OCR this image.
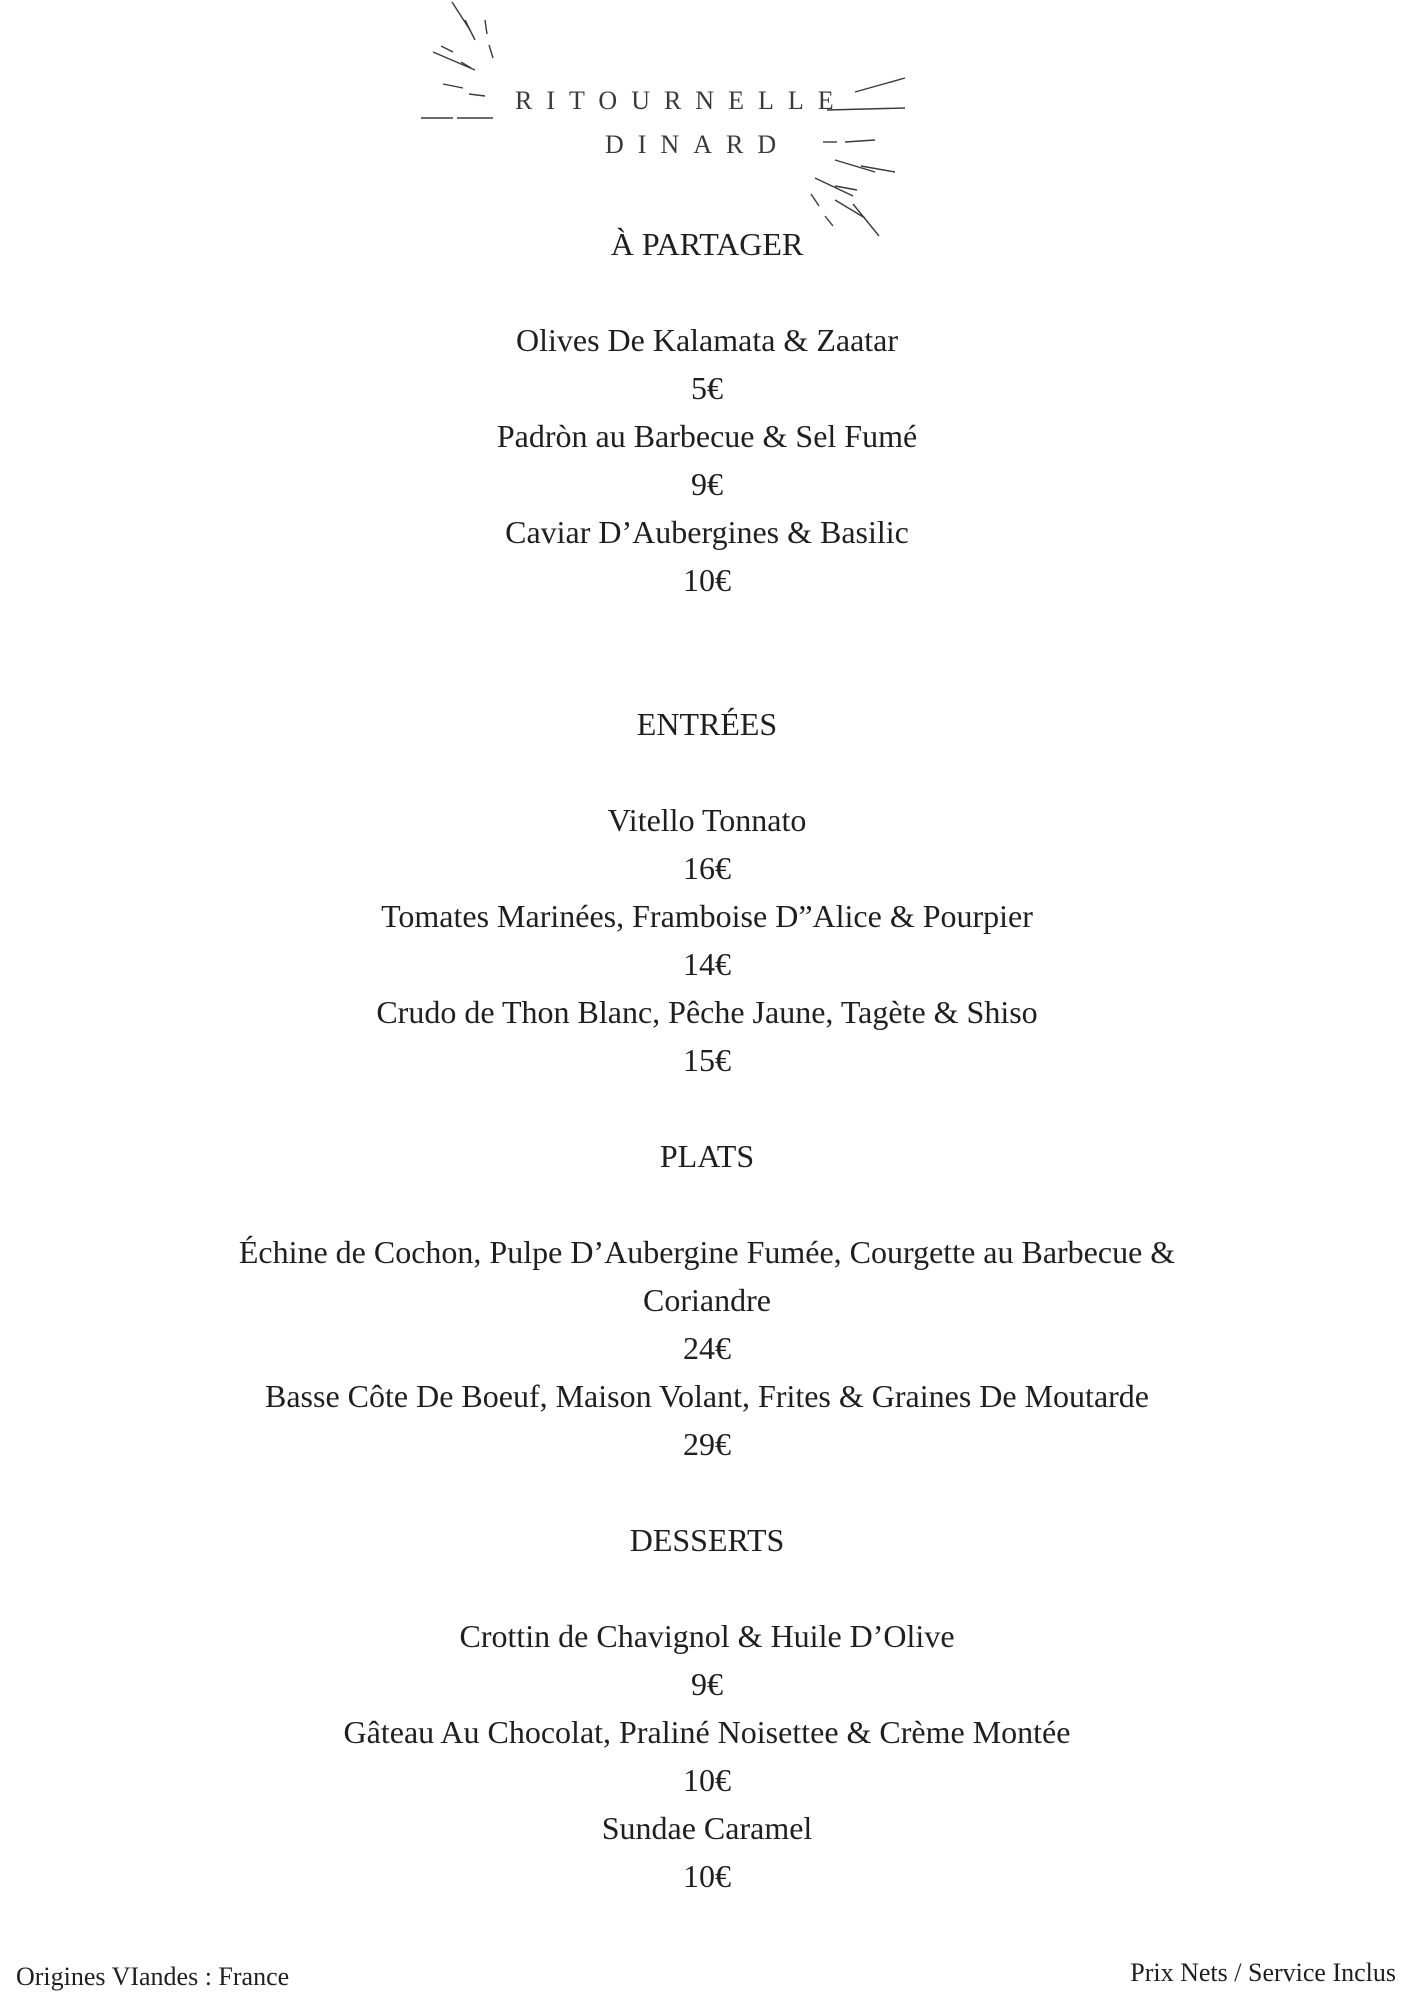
RITOURNELLE
DINARD
À PARTAGER
Olives De Kalamata & Zaatar
5€
Padròn au Barbecue & Sel Fumé
9€
Caviar D’Aubergines & Basilic
10€
ENTRÉES
Vitello Tonnato
16€
Tomates Marinées, Framboise D”Alice & Pourpier
14€
Crudo de Thon Blanc, Pêche Jaune, Tagète & Shiso
15€
PLATS
Échine de Cochon, Pulpe D’Aubergine Fumée, Courgette au Barbecue &
Coriandre
24€
Basse Côte De Boeuf, Maison Volant, Frites & Graines De Moutarde
29€
DESSERTS
Crottin de Chavignol & Huile D’Olive
9€
Gâteau Au Chocolat, Praliné Noisettee & Crème Montée
10€
Sundae Caramel
10€
Origines VIandes : France	Prix Nets / Service Inclus
